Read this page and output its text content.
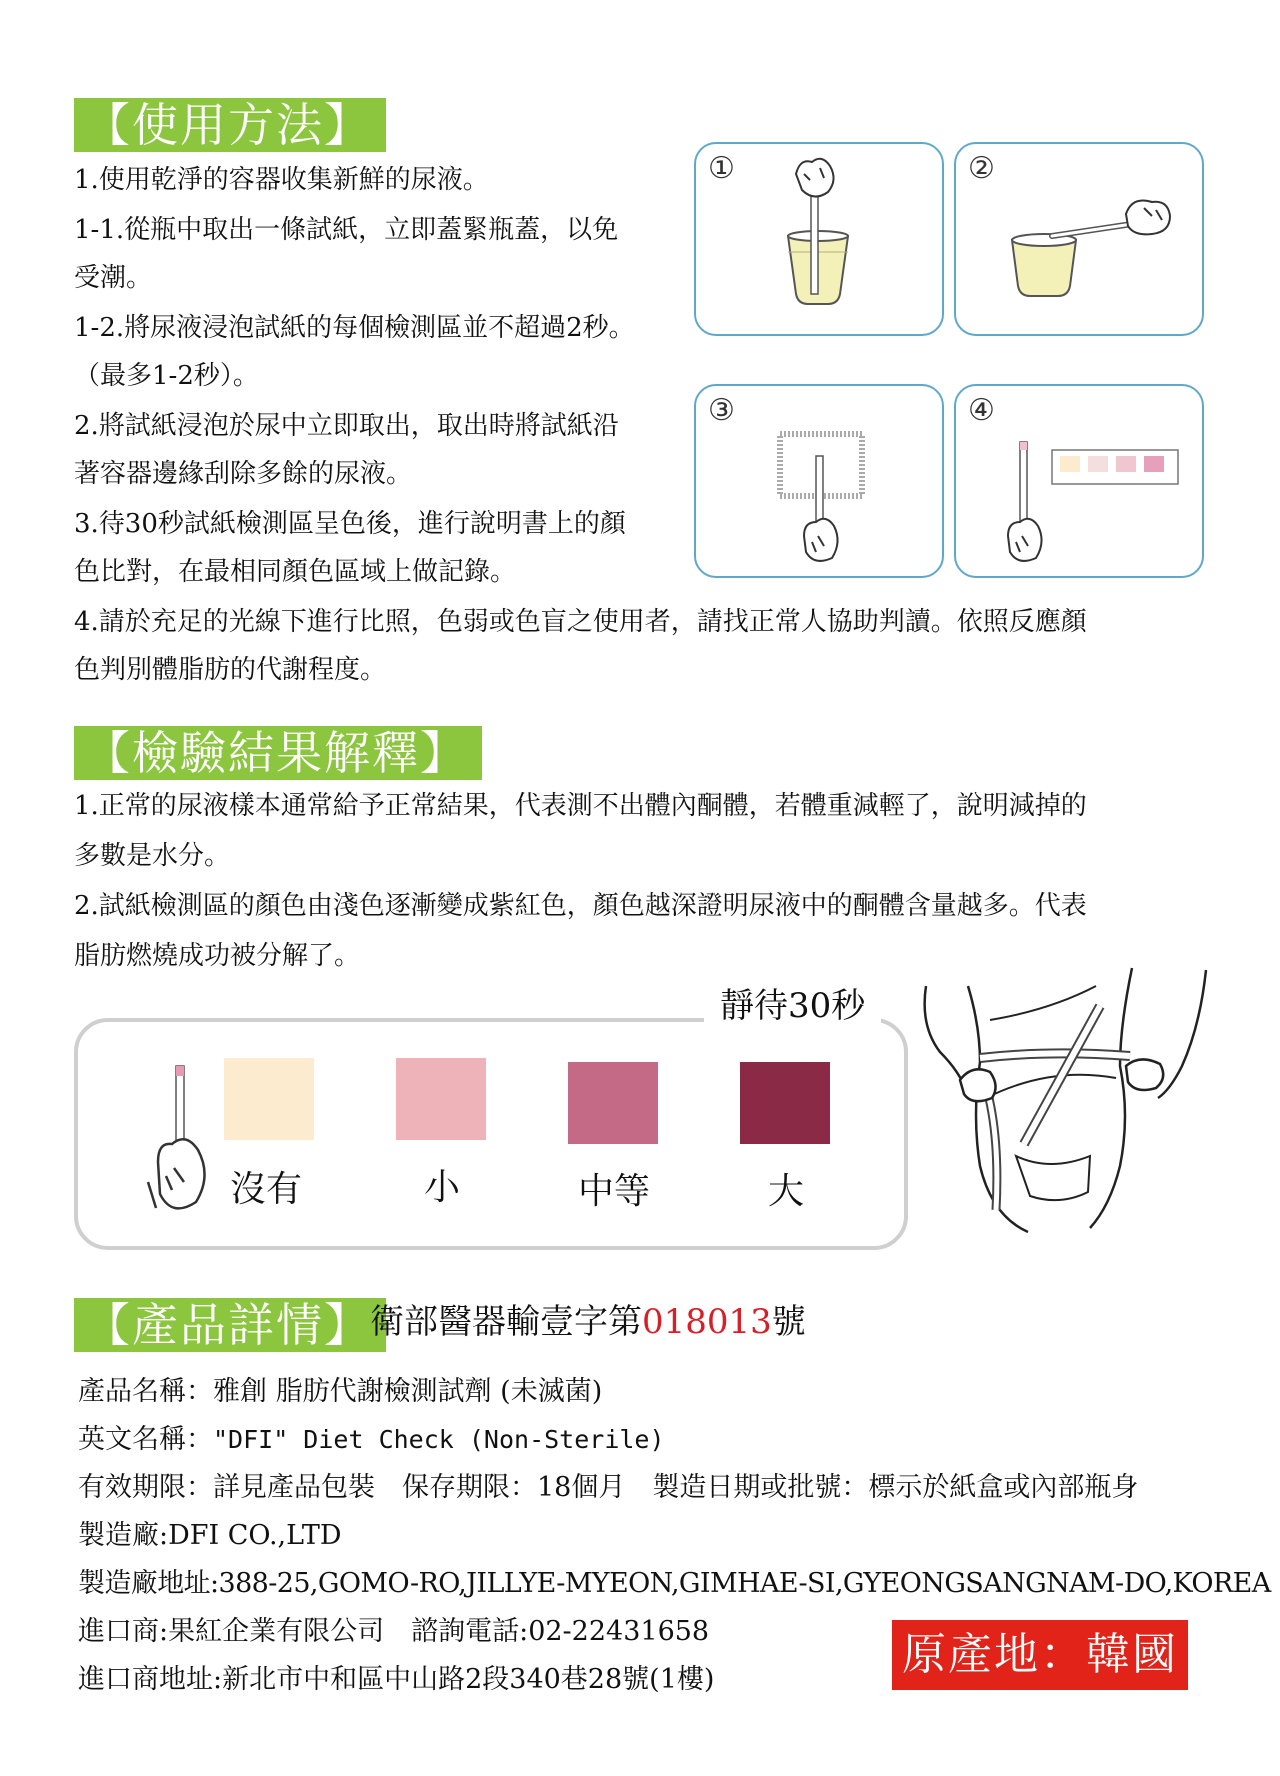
【使用方法】
1.使用乾淨的容器收集新鮮的尿液。
1-1.從瓶中取出一條試紙，立即蓋緊瓶蓋，以免
受潮。
1-2.將尿液浸泡試紙的每個檢測區並不超過2秒。
（最多1-2秒）。
2.將試紙浸泡於尿中立即取出，取出時將試紙沿
著容器邊緣刮除多餘的尿液。
3.待30秒試紙檢測區呈色後，進行說明書上的顏
色比對，在最相同顏色區域上做記錄。
4.請於充足的光線下進行比照，色弱或色盲之使用者，請找正常人協助判讀。依照反應顏
色判別體脂肪的代謝程度。
①	②
③	④
【檢驗結果解釋】
1.正常的尿液樣本通常給予正常結果，代表測不出體內酮體，若體重減輕了，說明減掉的
多數是水分。
2.試紙檢測區的顏色由淺色逐漸變成紫紅色，顏色越深證明尿液中的酮體含量越多。代表
脂肪燃燒成功被分解了。
靜待30秒
沒有	小	中等	大
【產品詳情】
衛部醫器輸壹字第018013號
產品名稱：雅創 脂肪代謝檢測試劑 (未滅菌)
英文名稱："DFI" Diet Check (Non-Sterile)
有效期限：詳見產品包裝　保存期限：18個月　製造日期或批號：標示於紙盒或內部瓶身
製造廠:DFI CO.,LTD
製造廠地址:388-25,GOMO-RO,JILLYE-MYEON,GIMHAE-SI,GYEONGSANGNAM-DO,KOREA
進口商:果紅企業有限公司　諮詢電話:02-22431658
進口商地址:新北市中和區中山路2段340巷28號(1樓)	原產地：韓國
